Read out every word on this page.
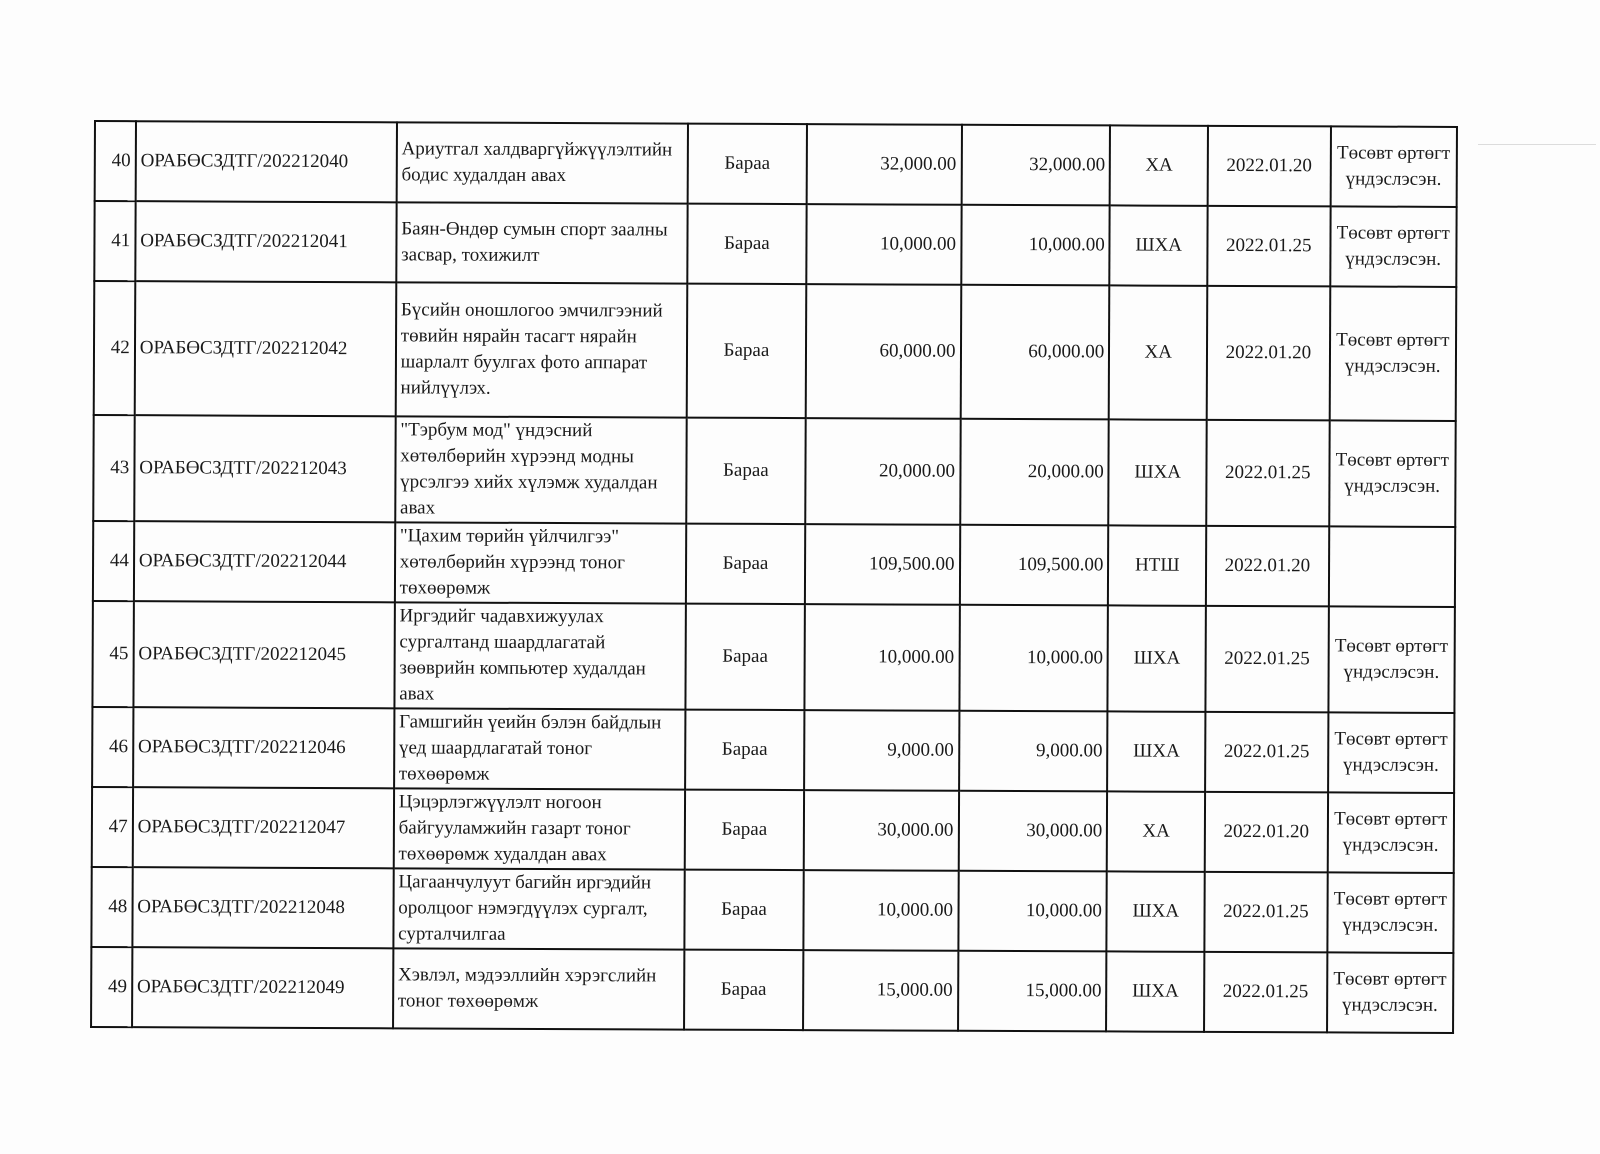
40	ОРАБӨСЗДТГ/202212040	Ариутгал халдваргүйжүүлэлтийн бодис худалдан авах	Бараа	32,000.00	32,000.00	ХА	2022.01.20	Төсөвт өртөгт үндэслэсэн.
41	ОРАБӨСЗДТГ/202212041	Баян-Өндөр сумын спорт заалны засвар, тохижилт	Бараа	10,000.00	10,000.00	ШХА	2022.01.25	Төсөвт өртөгт үндэслэсэн.
42	ОРАБӨСЗДТГ/202212042	Бүсийн оношлогоо эмчилгээний төвийн нярайн тасагт нярайн шарлалт буулгах фото аппарат нийлүүлэх.	Бараа	60,000.00	60,000.00	ХА	2022.01.20	Төсөвт өртөгт үндэслэсэн.
43	ОРАБӨСЗДТГ/202212043	"Тэрбум мод" үндэсний хөтөлбөрийн хүрээнд модны үрсэлгээ хийх хүлэмж худалдан авах	Бараа	20,000.00	20,000.00	ШХА	2022.01.25	Төсөвт өртөгт үндэслэсэн.
44	ОРАБӨСЗДТГ/202212044	"Цахим төрийн үйлчилгээ" хөтөлбөрийн хүрээнд тоног төхөөрөмж	Бараа	109,500.00	109,500.00	НТШ	2022.01.20	
45	ОРАБӨСЗДТГ/202212045	Иргэдийг чадавхижуулах сургалтанд шаардлагатай зөөврийн компьютер худалдан авах	Бараа	10,000.00	10,000.00	ШХА	2022.01.25	Төсөвт өртөгт үндэслэсэн.
46	ОРАБӨСЗДТГ/202212046	Гамшгийн үеийн бэлэн байдлын үед шаардлагатай тоног төхөөрөмж	Бараа	9,000.00	9,000.00	ШХА	2022.01.25	Төсөвт өртөгт үндэслэсэн.
47	ОРАБӨСЗДТГ/202212047	Цэцэрлэгжүүлэлт ногоон байгууламжийн газарт тоног төхөөрөмж худалдан авах	Бараа	30,000.00	30,000.00	ХА	2022.01.20	Төсөвт өртөгт үндэслэсэн.
48	ОРАБӨСЗДТГ/202212048	Цагаанчулуут багийн иргэдийн оролцоог нэмэгдүүлэх сургалт, сурталчилгаа	Бараа	10,000.00	10,000.00	ШХА	2022.01.25	Төсөвт өртөгт үндэслэсэн.
49	ОРАБӨСЗДТГ/202212049	Хэвлэл, мэдээллийн хэрэгслийн тоног төхөөрөмж	Бараа	15,000.00	15,000.00	ШХА	2022.01.25	Төсөвт өртөгт үндэслэсэн.
